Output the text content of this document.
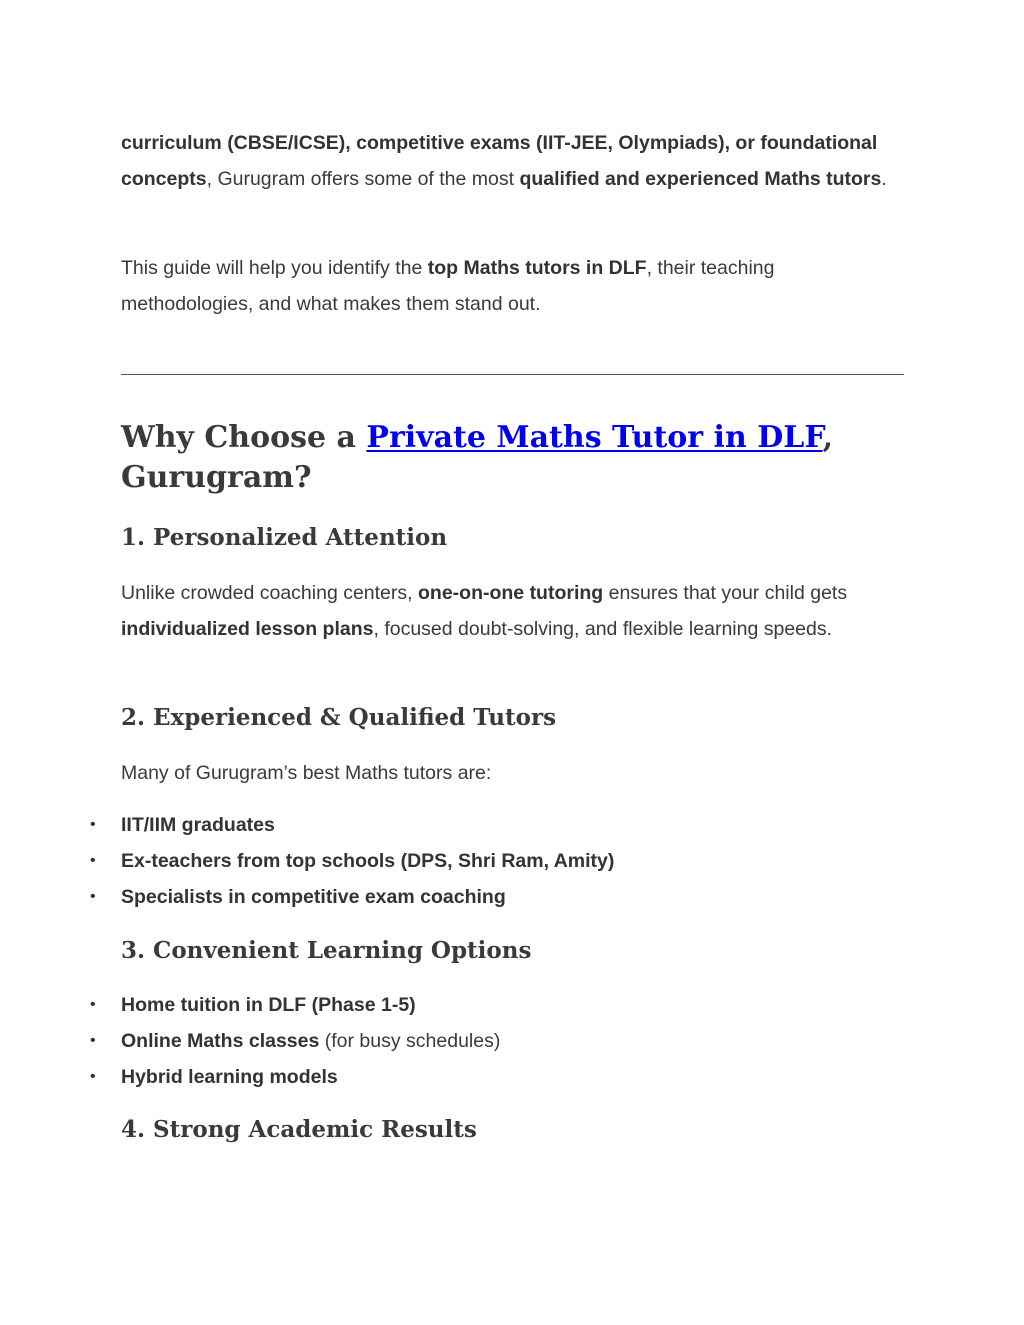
curriculum (CBSE/ICSE), competitive exams (IIT-JEE, Olympiads), or foundational concepts, Gurugram offers some of the most qualified and experienced Maths tutors.

This guide will help you identify the top Maths tutors in DLF, their teaching methodologies, and what makes them stand out.

Why Choose a Private Maths Tutor in DLF, Gurugram?
1. Personalized Attention

Unlike crowded coaching centers, one-on-one tutoring ensures that your child gets individualized lesson plans, focused doubt-solving, and flexible learning speeds.

2. Experienced & Qualified Tutors

Many of Gurugram’s best Maths tutors are:

• IIT/IIM graduates
• Ex-teachers from top schools (DPS, Shri Ram, Amity)
• Specialists in competitive exam coaching
3. Convenient Learning Options
• Home tuition in DLF (Phase 1-5)
• Online Maths classes (for busy schedules)
• Hybrid learning models
4. Strong Academic Results
